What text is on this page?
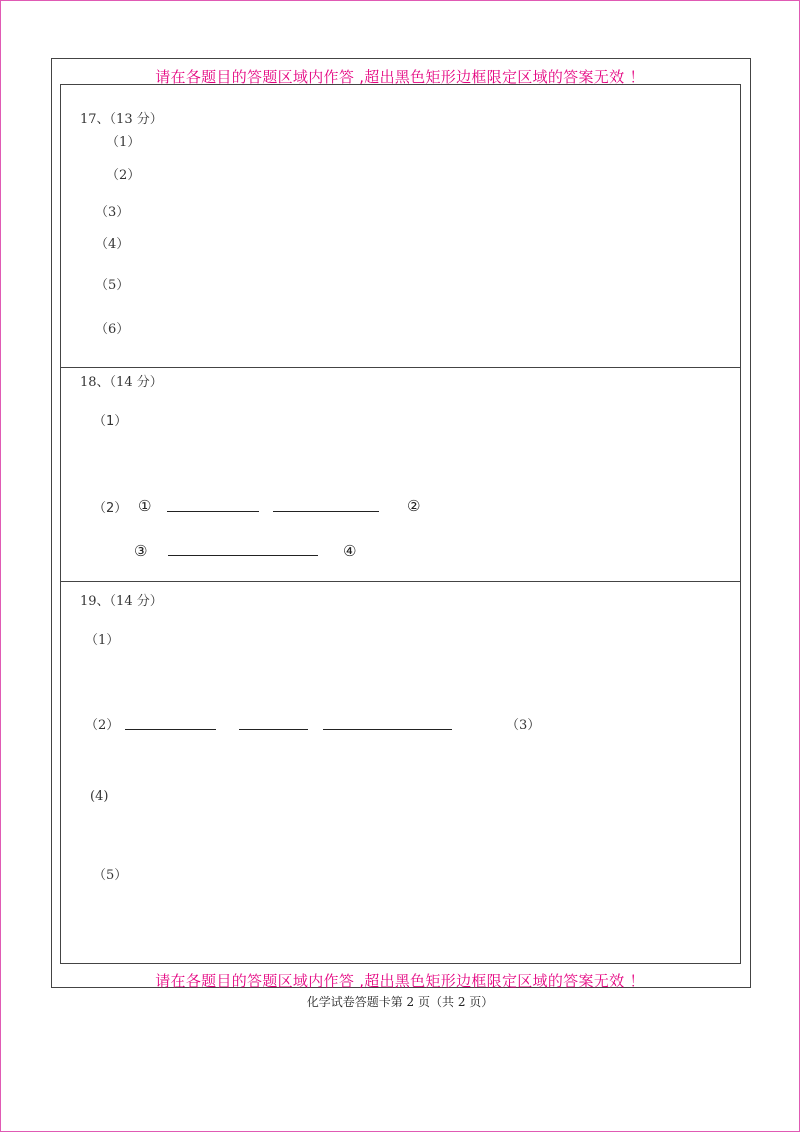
请在各题目的答题区域内作答 ,超出黑色矩形边框限定区域的答案无效 ！
17、（13 分）
（1）
（2）
（3）
（4）
（5）
（6）
18、（14 分）
（1）
（2） ①	②
③	④
19、（14 分）
（1）
（2）	（3）
(4)
（5）
请在各题目的答题区域内作答 ,超出黑色矩形边框限定区域的答案无效 ！
化学试卷答题卡第 2 页（共 2 页）
